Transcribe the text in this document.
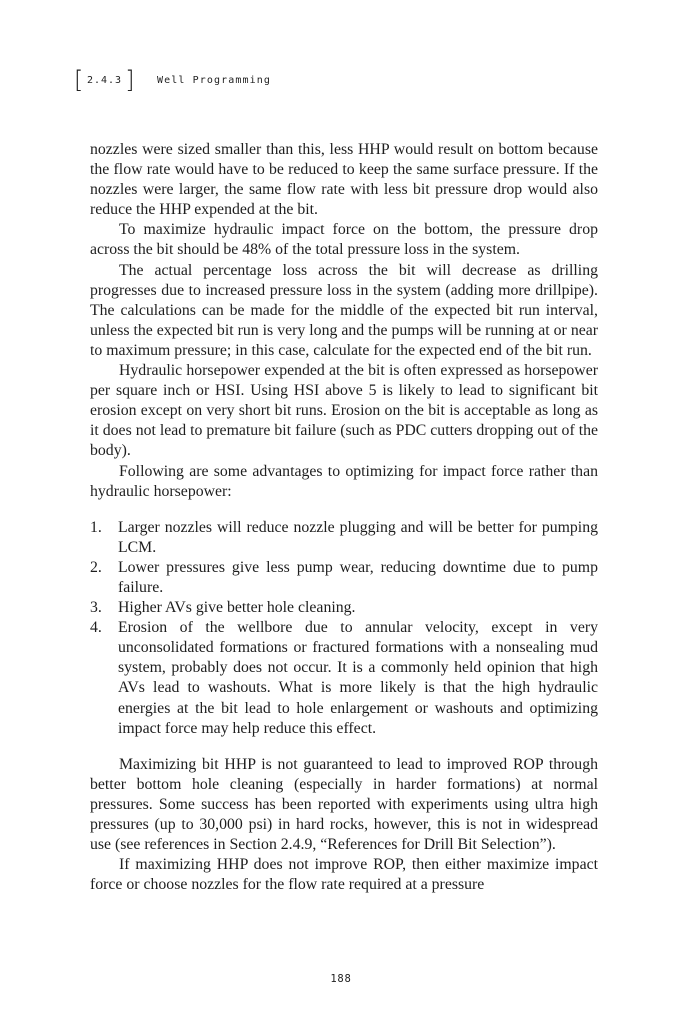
[ 2.4.3 ] Well Programming

nozzles were sized smaller than this, less HHP would result on bottom because the flow rate would have to be reduced to keep the same surface pressure. If the nozzles were larger, the same flow rate with less bit pressure drop would also reduce the HHP expended at the bit.

To maximize hydraulic impact force on the bottom, the pressure drop across the bit should be 48% of the total pressure loss in the system.

The actual percentage loss across the bit will decrease as drilling progresses due to increased pressure loss in the system (adding more drillpipe). The calculations can be made for the middle of the expected bit run interval, unless the expected bit run is very long and the pumps will be running at or near to maximum pressure; in this case, calculate for the expected end of the bit run.

Hydraulic horsepower expended at the bit is often expressed as horsepower per square inch or HSI. Using HSI above 5 is likely to lead to significant bit erosion except on very short bit runs. Erosion on the bit is acceptable as long as it does not lead to premature bit failure (such as PDC cutters dropping out of the body).

Following are some advantages to optimizing for impact force rather than hydraulic horsepower:

1.	Larger nozzles will reduce nozzle plugging and will be better for pumping LCM.
2.	Lower pressures give less pump wear, reducing downtime due to pump failure.
3.	Higher AVs give better hole cleaning.
4.	Erosion of the wellbore due to annular velocity, except in very unconsolidated formations or fractured formations with a nonsealing mud system, probably does not occur. It is a commonly held opinion that high AVs lead to washouts. What is more likely is that the high hydraulic energies at the bit lead to hole enlargement or washouts and optimizing impact force may help reduce this effect.

Maximizing bit HHP is not guaranteed to lead to improved ROP through better bottom hole cleaning (especially in harder formations) at normal pressures. Some success has been reported with experiments using ultra high pressures (up to 30,000 psi) in hard rocks, however, this is not in widespread use (see references in Section 2.4.9, “References for Drill Bit Selection”).

If maximizing HHP does not improve ROP, then either maximize impact force or choose nozzles for the flow rate required at a pressure

188
